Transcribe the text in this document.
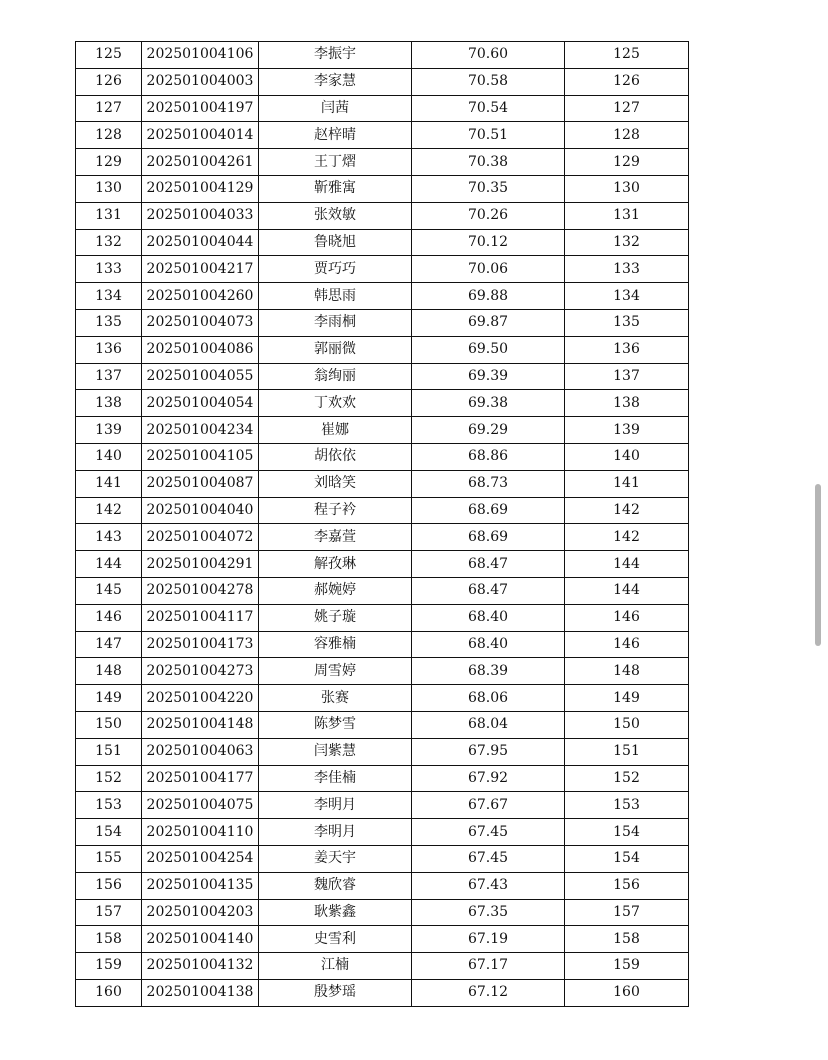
125	202501004106	李振宇	70.60	125
126	202501004003	李家慧	70.58	126
127	202501004197	闫茜	70.54	127
128	202501004014	赵梓晴	70.51	128
129	202501004261	王丁熠	70.38	129
130	202501004129	靳雅寓	70.35	130
131	202501004033	张效敏	70.26	131
132	202501004044	鲁晓旭	70.12	132
133	202501004217	贾巧巧	70.06	133
134	202501004260	韩思雨	69.88	134
135	202501004073	李雨桐	69.87	135
136	202501004086	郭丽微	69.50	136
137	202501004055	翁绚丽	69.39	137
138	202501004054	丁欢欢	69.38	138
139	202501004234	崔娜	69.29	139
140	202501004105	胡依依	68.86	140
141	202501004087	刘晗笑	68.73	141
142	202501004040	程子衿	68.69	142
143	202501004072	李嘉萱	68.69	142
144	202501004291	解孜琳	68.47	144
145	202501004278	郝婉婷	68.47	144
146	202501004117	姚子璇	68.40	146
147	202501004173	容雅楠	68.40	146
148	202501004273	周雪婷	68.39	148
149	202501004220	张赛	68.06	149
150	202501004148	陈梦雪	68.04	150
151	202501004063	闫紫慧	67.95	151
152	202501004177	李佳楠	67.92	152
153	202501004075	李明月	67.67	153
154	202501004110	李明月	67.45	154
155	202501004254	姜天宇	67.45	154
156	202501004135	魏欣睿	67.43	156
157	202501004203	耿紫鑫	67.35	157
158	202501004140	史雪利	67.19	158
159	202501004132	江楠	67.17	159
160	202501004138	殷梦瑶	67.12	160
